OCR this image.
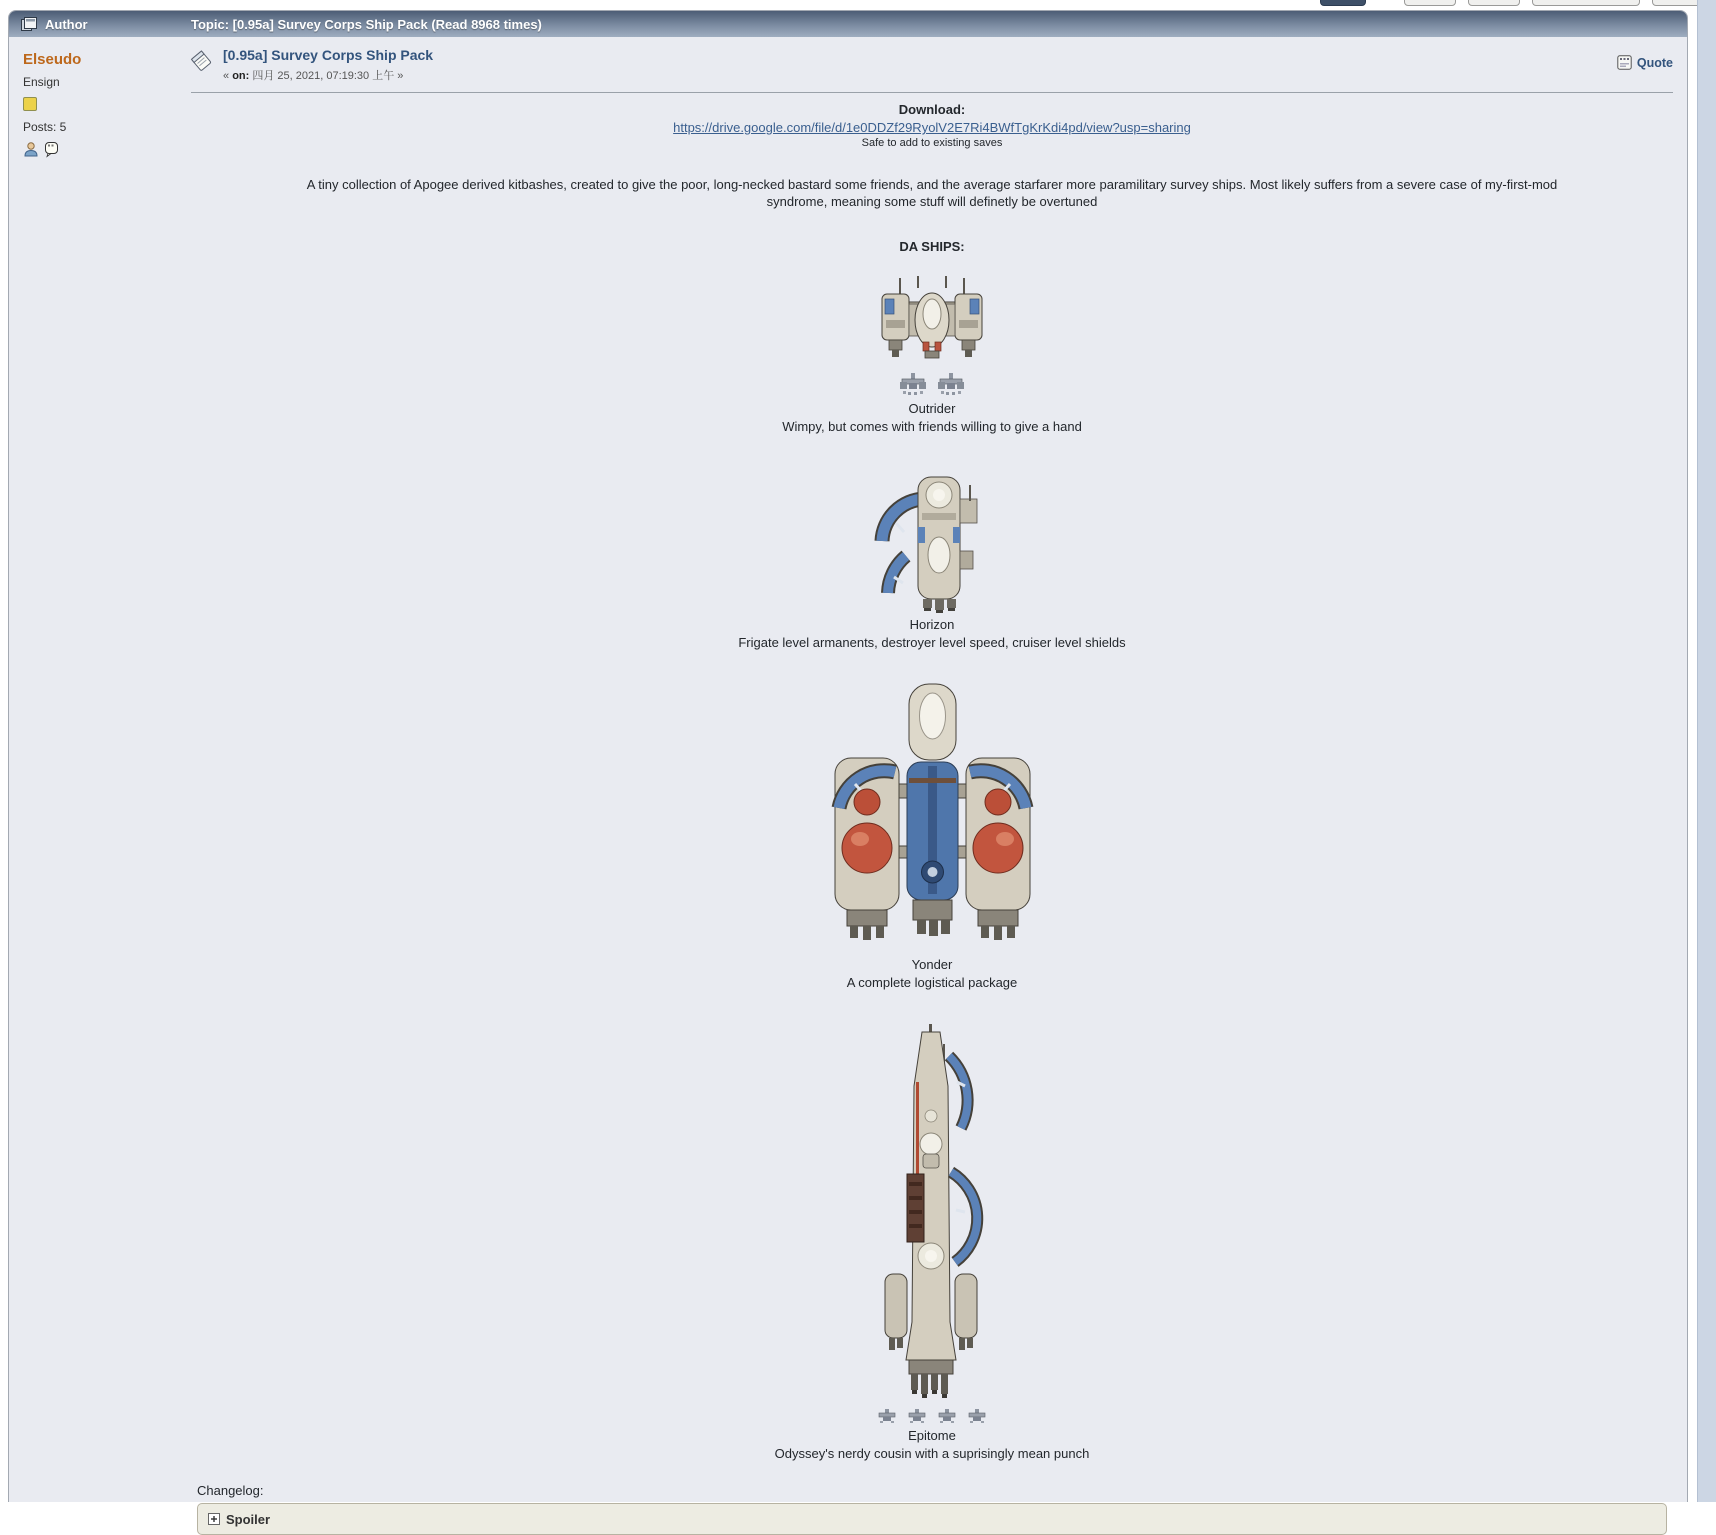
Author	Topic: [0.95a] Survey Corps Ship Pack (Read 8968 times)
Elseudo
Ensign
Posts: 5
[0.95a] Survey Corps Ship Pack
« on: 四月 25, 2021, 07:19:30 上午 »
Quote
Download:
https://drive.google.com/file/d/1e0DDZf29RyolV2E7Ri4BWfTgKrKdi4pd/view?usp=sharing
Safe to add to existing saves
A tiny collection of Apogee derived kitbashes, created to give the poor, long-necked bastard some friends, and the average starfarer more paramilitary survey ships. Most likely suffers from a severe case of my-first-mod
syndrome, meaning some stuff will definetly be overtuned
DA SHIPS:
Outrider
Wimpy, but comes with friends willing to give a hand
Horizon
Frigate level armanents, destroyer level speed, cruiser level shields
Yonder
A complete logistical package
Epitome
Odyssey's nerdy cousin with a suprisingly mean punch
Changelog:
Spoiler
